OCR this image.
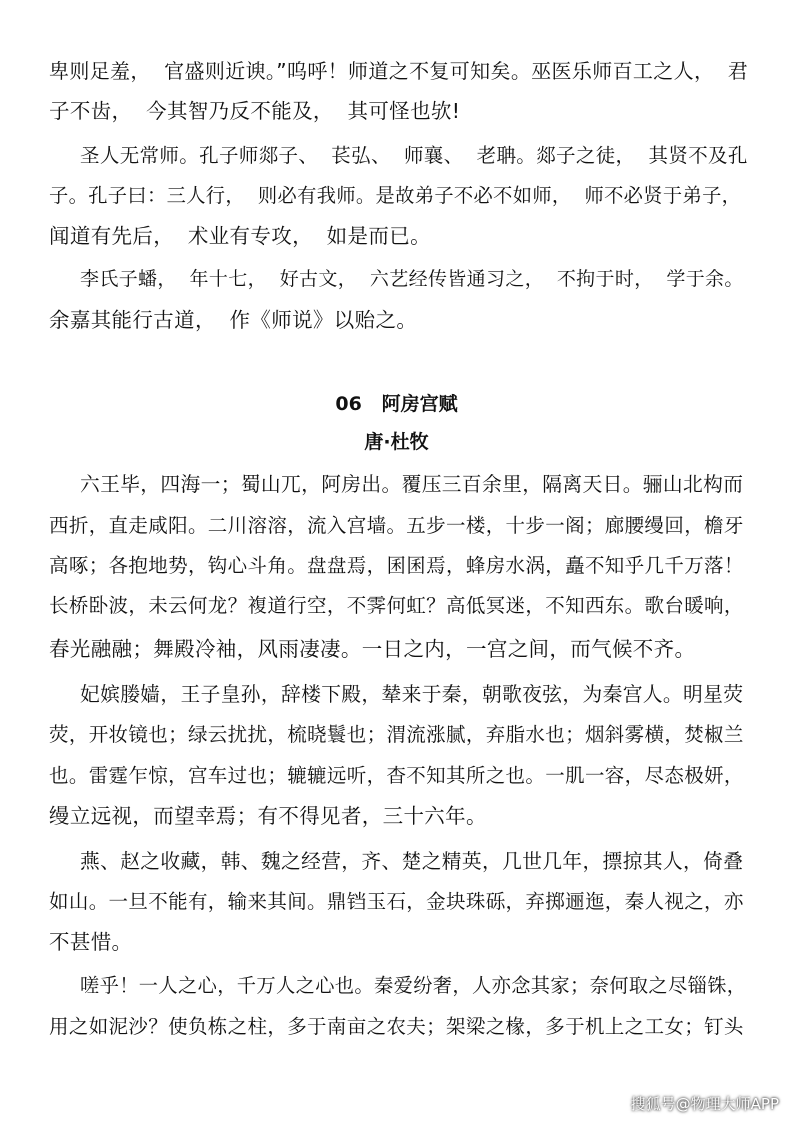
卑则足羞，  官盛则近谀。”呜呼！师道之不复可知矣。巫医乐师百工之人，  君
子不齿，  今其智乃反不能及，  其可怪也欤!
圣人无常师。孔子师郯子、  苌弘、  师襄、  老聃。郯子之徒，  其贤不及孔
子。孔子曰：三人行，  则必有我师。是故弟子不必不如师，  师不必贤于弟子，
闻道有先后，  术业有专攻，  如是而已。
李氏子蟠，  年十七，  好古文，  六艺经传皆通习之，  不拘于时，  学于余。
余嘉其能行古道，  作《师说》以贻之。
06   阿房宫赋
唐·杜牧
六王毕，四海一；蜀山兀，阿房出。覆压三百余里，隔离天日。骊山北构而
西折，直走咸阳。二川溶溶，流入宫墙。五步一楼，十步一阁；廊腰缦回，檐牙
高啄；各抱地势，钩心斗角。盘盘焉，囷囷焉，蜂房水涡，矗不知乎几千万落！
长桥卧波，未云何龙？複道行空，不霁何虹？高低冥迷，不知西东。歌台暖响，
春光融融；舞殿冷袖，风雨凄凄。一日之内，一宫之间，而气候不齐。
妃嫔媵嫱，王子皇孙，辞楼下殿，辇来于秦，朝歌夜弦，为秦宫人。明星荧
荧，开妆镜也；绿云扰扰，梳晓鬟也；渭流涨腻，弃脂水也；烟斜雾横，焚椒兰
也。雷霆乍惊，宫车过也；辘辘远听，杳不知其所之也。一肌一容，尽态极妍，
缦立远视，而望幸焉；有不得见者，三十六年。
燕、赵之收藏，韩、魏之经营，齐、楚之精英，几世几年，摽掠其人，倚叠
如山。一旦不能有，输来其间。鼎铛玉石，金块珠砾，弃掷逦迤，秦人视之，亦
不甚惜。
嗟乎！一人之心，千万人之心也。秦爱纷奢，人亦念其家；奈何取之尽锱铢，
用之如泥沙？使负栋之柱，多于南亩之农夫；架梁之椽，多于机上之工女；钉头
搜狐号@物理大师APP
